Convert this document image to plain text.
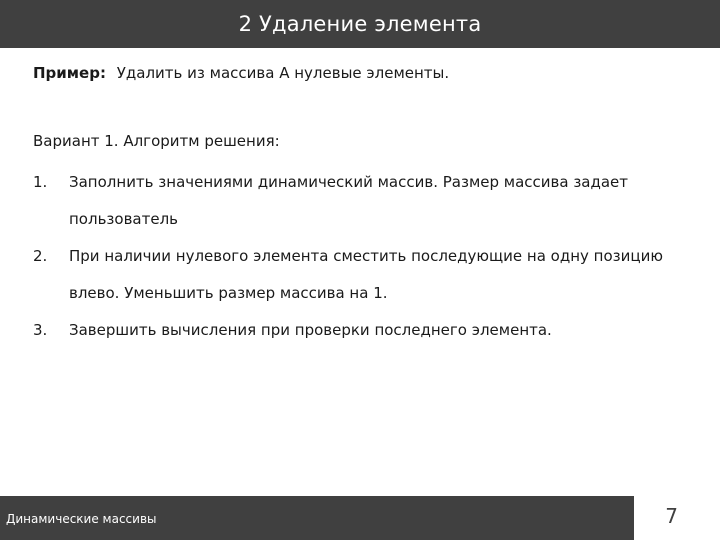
2 Удаление элемента
Пример: Удалить из массива А нулевые элементы.
Вариант 1. Алгоритм решения:
1.	Заполнить значениями динамический массив. Размер массива задает пользователь
2.	При наличии нулевого элемента сместить последующие на одну позицию влево. Уменьшить размер массива на 1.
3.	Завершить вычисления при проверки последнего элемента.
Динамические массивы	7
